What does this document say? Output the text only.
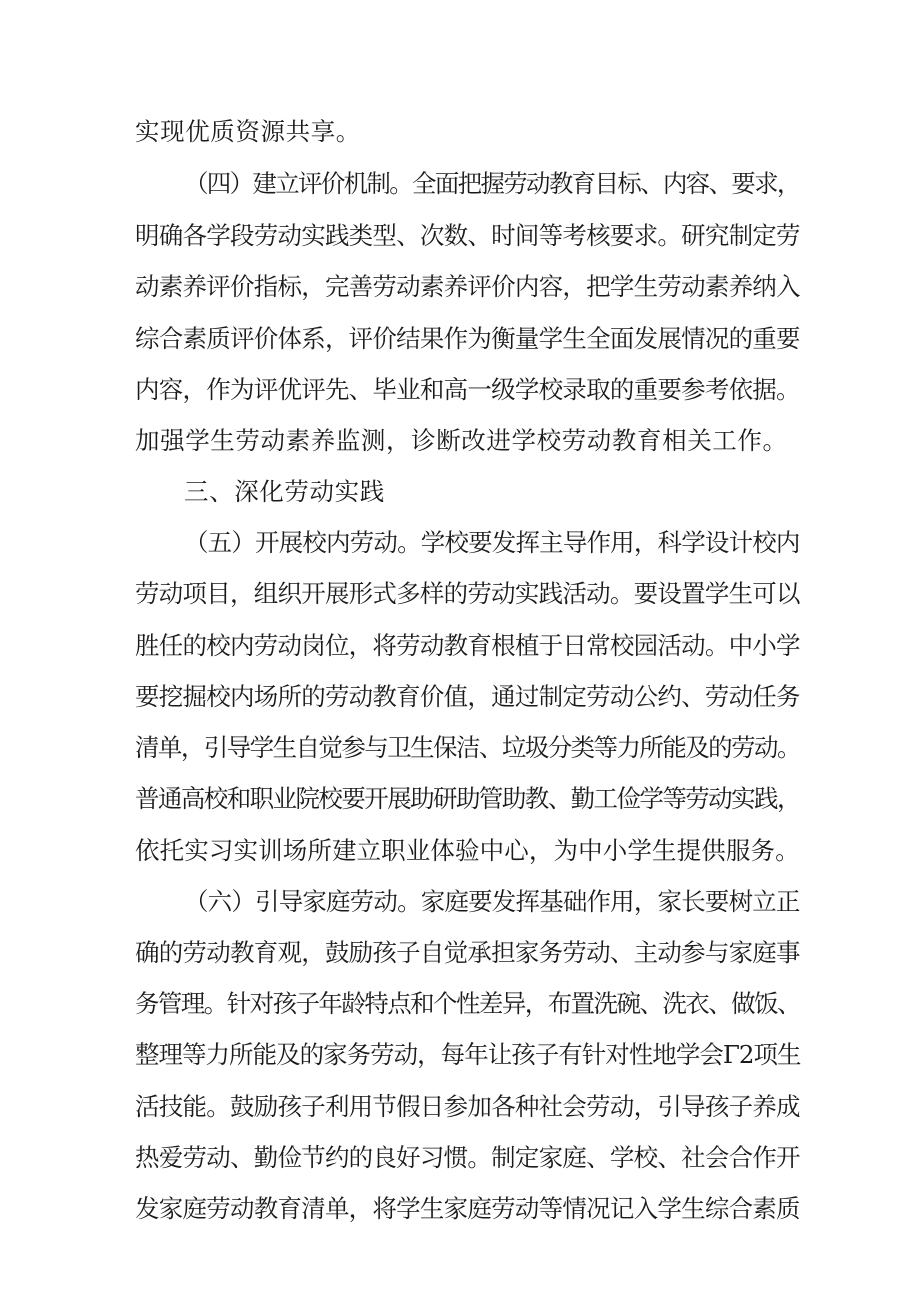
实现优质资源共享。
（四）建立评价机制。全面把握劳动教育目标、内容、要求，
明确各学段劳动实践类型、次数、时间等考核要求。研究制定劳
动素养评价指标，完善劳动素养评价内容，把学生劳动素养纳入
综合素质评价体系，评价结果作为衡量学生全面发展情况的重要
内容，作为评优评先、毕业和高一级学校录取的重要参考依据。
加强学生劳动素养监测，诊断改进学校劳动教育相关工作。
三、深化劳动实践
（五）开展校内劳动。学校要发挥主导作用，科学设计校内
劳动项目，组织开展形式多样的劳动实践活动。要设置学生可以
胜任的校内劳动岗位，将劳动教育根植于日常校园活动。中小学
要挖掘校内场所的劳动教育价值，通过制定劳动公约、劳动任务
清单，引导学生自觉参与卫生保洁、垃圾分类等力所能及的劳动。
普通高校和职业院校要开展助研助管助教、勤工俭学等劳动实践，
依托实习实训场所建立职业体验中心，为中小学生提供服务。
（六）引导家庭劳动。家庭要发挥基础作用，家长要树立正
确的劳动教育观，鼓励孩子自觉承担家务劳动、主动参与家庭事
务管理。针对孩子年龄特点和个性差异，布置洗碗、洗衣、做饭、
整理等力所能及的家务劳动，每年让孩子有针对性地学会Γ2项生
活技能。鼓励孩子利用节假日参加各种社会劳动，引导孩子养成
热爱劳动、勤俭节约的良好习惯。制定家庭、学校、社会合作开
发家庭劳动教育清单，将学生家庭劳动等情况记入学生综合素质
